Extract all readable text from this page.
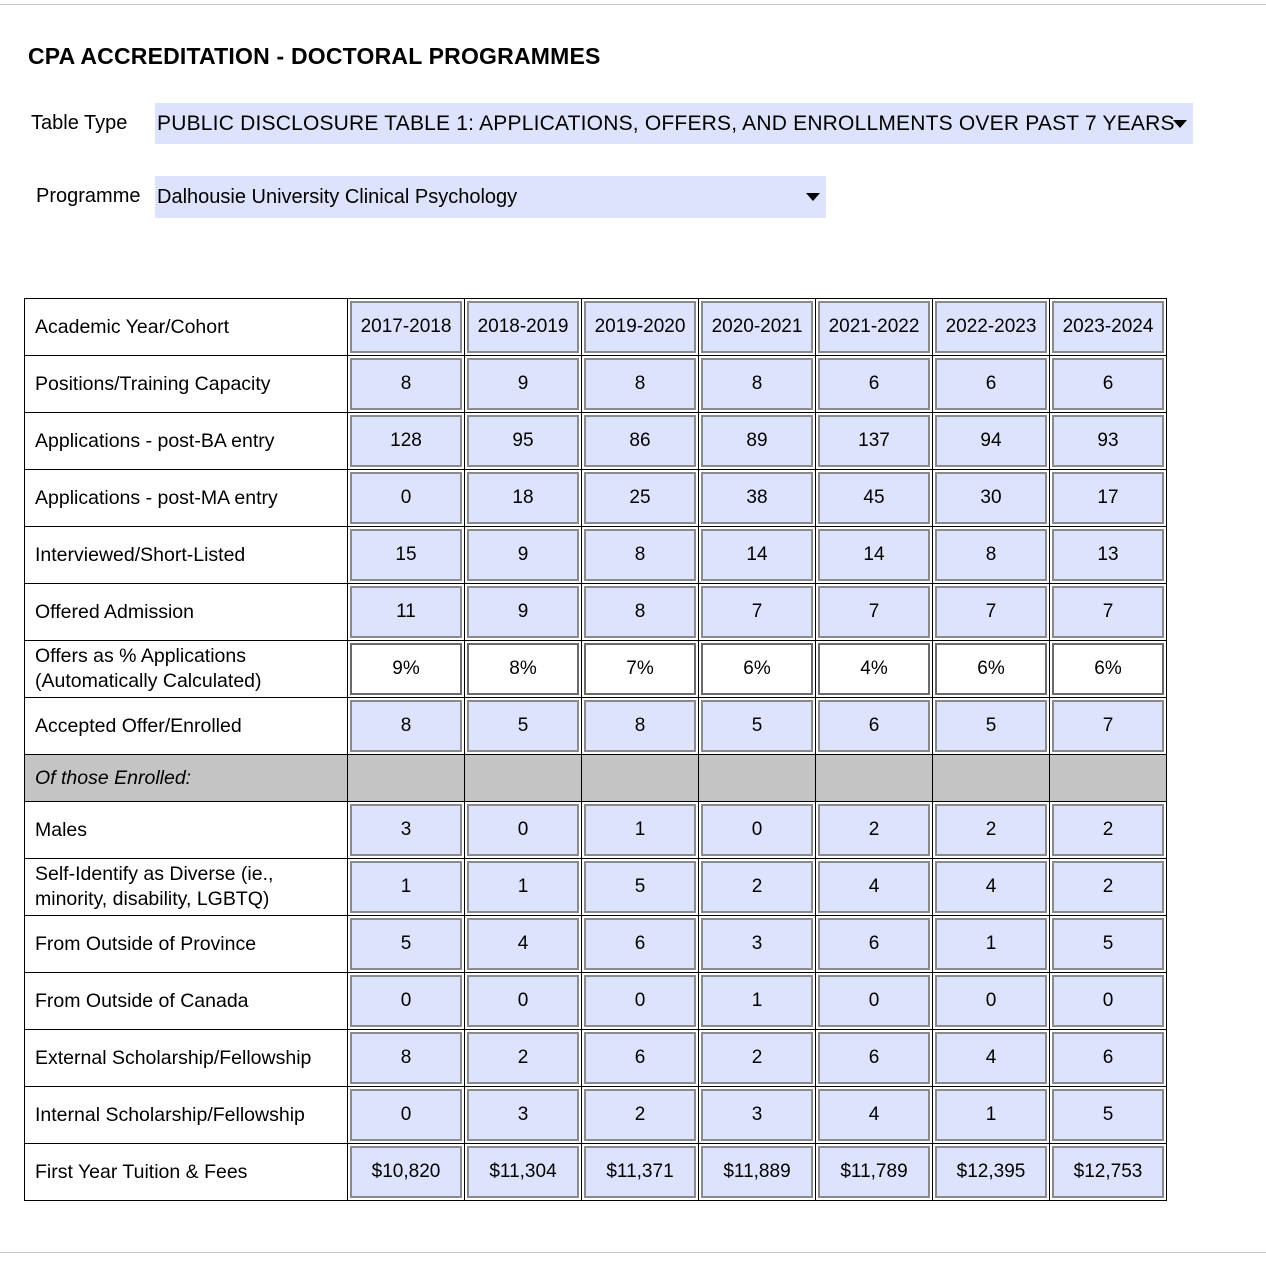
CPA ACCREDITATION - DOCTORAL PROGRAMMES
Table Type PUBLIC DISCLOSURE TABLE 1: APPLICATIONS, OFFERS, AND ENROLLMENTS OVER PAST 7 YEARS
Programme Dalhousie University Clinical Psychology
Academic Year/Cohort	2017-2018	2018-2019	2019-2020	2020-2021	2021-2022	2022-2023	2023-2024

Positions/Training Capacity	8	9	8	8	6	6	6

Applications - post-BA entry	128	95	86	89	137	94	93

Applications - post-MA entry	0	18	25	38	45	30	17

Interviewed/Short-Listed	15	9	8	14	14	8	13

Offered Admission	11	9	8	7	7	7	7

Offers as % Applications
(Automatically Calculated)	9%	8%	7%	6%	4%	6%	6%

Accepted Offer/Enrolled	8	5	8	5	6	5	7

Of those Enrolled:							
Males	3	0	1	0	2	2	2

Self-Identify as Diverse (ie.,
minority, disability, LGBTQ)	1	1	5	2	4	4	2

From Outside of Province	5	4	6	3	6	1	5

From Outside of Canada	0	0	0	1	0	0	0

External Scholarship/Fellowship	8	2	6	2	6	4	6

Internal Scholarship/Fellowship	0	3	2	3	4	1	5

First Year Tuition & Fees	$10,820	$11,304	$11,371	$11,889	$11,789	$12,395	$12,753
